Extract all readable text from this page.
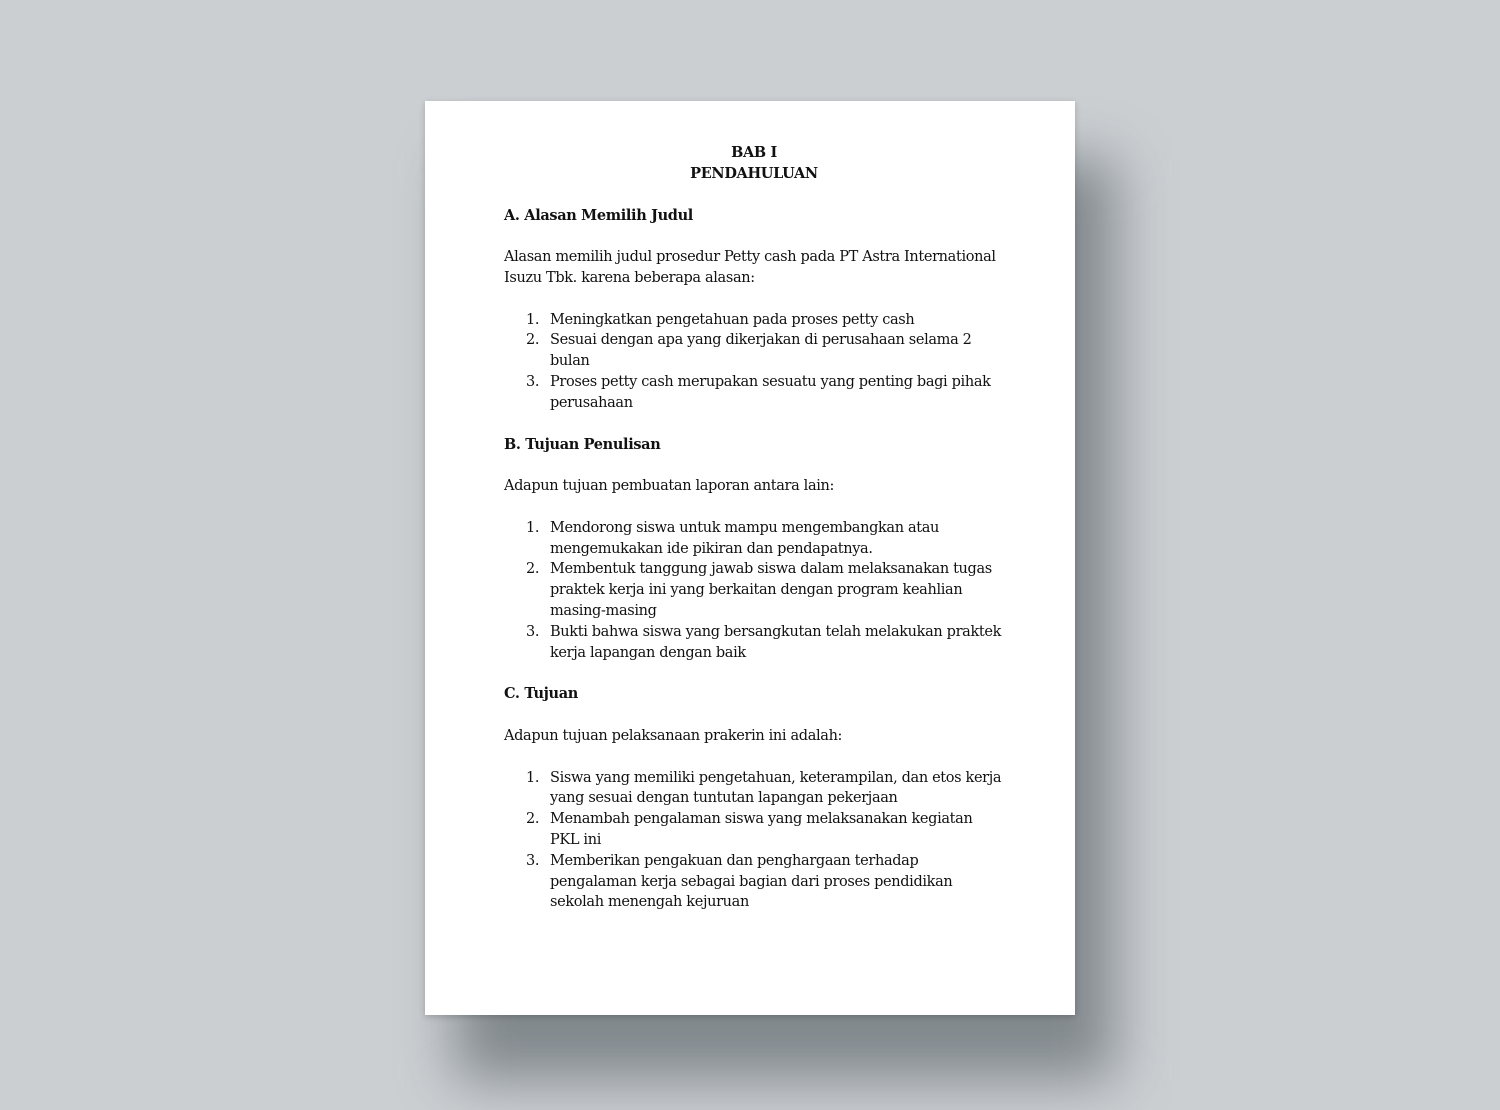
BAB I
PENDAHULUAN
A. Alasan Memilih Judul
Alasan memilih judul prosedur Petty cash pada PT Astra International Isuzu Tbk. karena beberapa alasan:
1. Meningkatkan pengetahuan pada proses petty cash
2. Sesuai dengan apa yang dikerjakan di perusahaan selama 2 bulan
3. Proses petty cash merupakan sesuatu yang penting bagi pihak perusahaan
B. Tujuan Penulisan
Adapun tujuan pembuatan laporan antara lain:
1. Mendorong siswa untuk mampu mengembangkan atau mengemukakan ide pikiran dan pendapatnya.
2. Membentuk tanggung jawab siswa dalam melaksanakan tugas praktek kerja ini yang berkaitan dengan program keahlian masing-masing
3. Bukti bahwa siswa yang bersangkutan telah melakukan praktek kerja lapangan dengan baik
C. Tujuan
Adapun tujuan pelaksanaan prakerin ini adalah:
1. Siswa yang memiliki pengetahuan, keterampilan, dan etos kerja yang sesuai dengan tuntutan lapangan pekerjaan
2. Menambah pengalaman siswa yang melaksanakan kegiatan PKL ini
3. Memberikan pengakuan dan penghargaan terhadap pengalaman kerja sebagai bagian dari proses pendidikan sekolah menengah kejuruan
